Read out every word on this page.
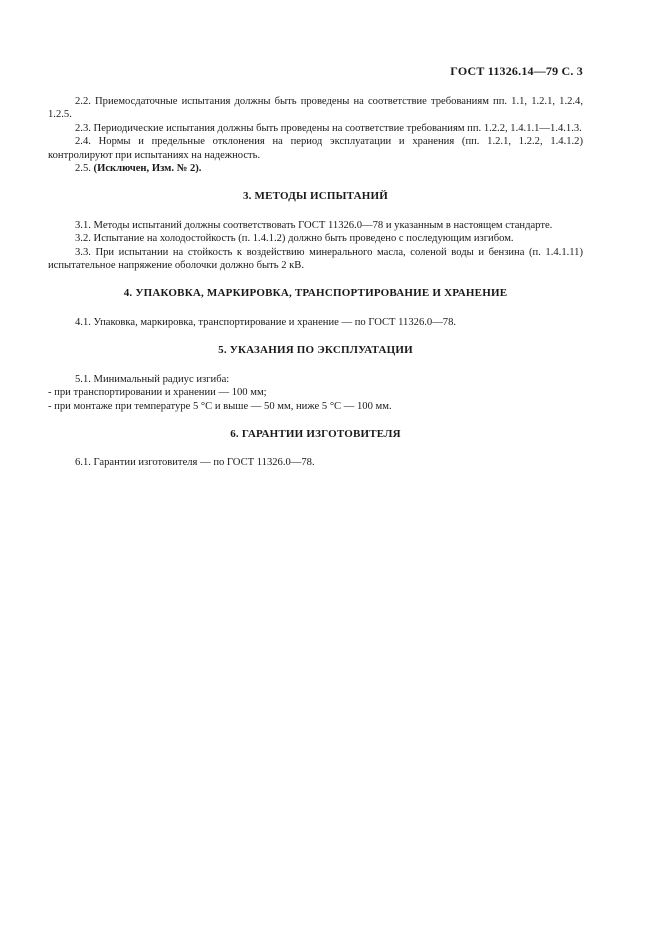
ГОСТ 11326.14—79 С. 3

2.2. Приемосдаточные испытания должны быть проведены на соответствие требованиям пп. 1.1, 1.2.1, 1.2.4, 1.2.5.

2.3. Периодические испытания должны быть проведены на соответствие требованиям пп. 1.2.2, 1.4.1.1—1.4.1.3.

2.4. Нормы и предельные отклонения на период эксплуатации и хранения (пп. 1.2.1, 1.2.2, 1.4.1.2) контролируют при испытаниях на надежность.

2.5. (Исключен, Изм. № 2).

3. МЕТОДЫ ИСПЫТАНИЙ

3.1. Методы испытаний должны соответствовать ГОСТ 11326.0—78 и указанным в настоящем стандарте.

3.2. Испытание на холодостойкость (п. 1.4.1.2) должно быть проведено с последующим изгибом.

3.3. При испытании на стойкость к воздействию минерального масла, соленой воды и бензина (п. 1.4.1.11) испытательное напряжение оболочки должно быть 2 кВ.

4. УПАКОВКА, МАРКИРОВКА, ТРАНСПОРТИРОВАНИЕ И ХРАНЕНИЕ

4.1. Упаковка, маркировка, транспортирование и хранение — по ГОСТ 11326.0—78.

5. УКАЗАНИЯ ПО ЭКСПЛУАТАЦИИ

5.1. Минимальный радиус изгиба:

- при транспортировании и хранении — 100 мм;

- при монтаже при температуре 5 °С и выше — 50 мм, ниже 5 °С — 100 мм.

6. ГАРАНТИИ ИЗГОТОВИТЕЛЯ

6.1. Гарантии изготовителя — по ГОСТ 11326.0—78.
